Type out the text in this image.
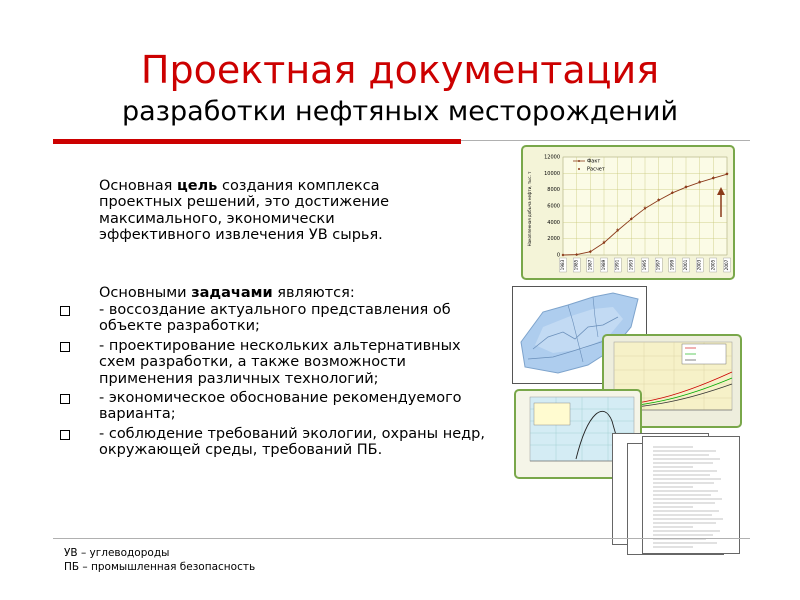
Проектная документация
разработки нефтяных месторождений
Основная цель создания комплекса проектных решений, это достижение максимального, экономически эффективного извлечения УВ сырья.
Основными задачами являются:
- воссоздание актуального представления об объекте разработки;
- проектирование нескольких альтернативных схем разработки, а также возможности применения различных технологий;
- экономическое обоснование рекомендуемого варианта;
- соблюдение требований экологии, охраны недр, окружающей среды, требований ПБ.
Накопленная добыча нефти, тыс. т
0
2000
4000
6000
8000
10000
12000
1983 1985 1987 1989 1991 1993 1995 1997 1999 2001 2003 2005 2007
Факт
Расчет
УВ – углеводороды
ПБ – промышленная безопасность
